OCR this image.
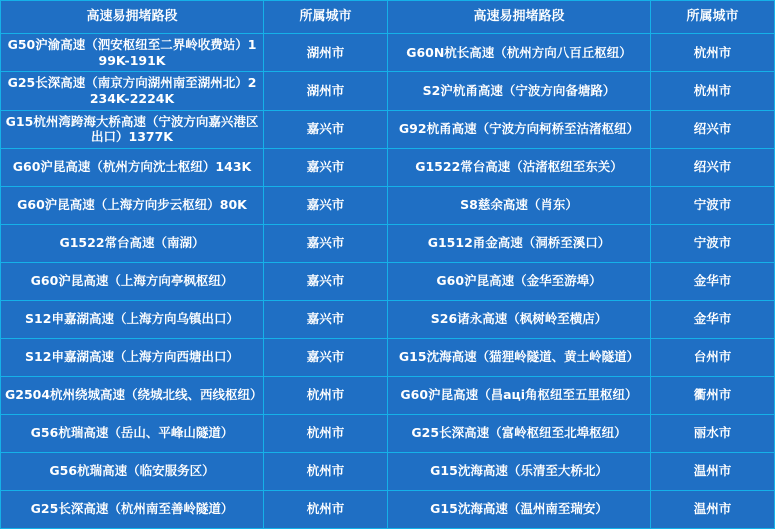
高速易拥堵路段	所属城市	高速易拥堵路段	所属城市
G50沪渝高速（泗安枢纽至二界岭收费站）199K-191K	湖州市	G60N杭长高速（杭州方向八百丘枢纽）	杭州市
G25长深高速（南京方向湖州南至湖州北）2234K-2224K	湖州市	S2沪杭甬高速（宁波方向备塘路）	杭州市
G15杭州湾跨海大桥高速（宁波方向嘉兴港区出口）1377K	嘉兴市	G92杭甬高速（宁波方向柯桥至沽渚枢纽）	绍兴市
G60沪昆高速（杭州方向沈士枢纽）143K	嘉兴市	G1522常台高速（沽渚枢纽至东关）	绍兴市
G60沪昆高速（上海方向步云枢纽）80K	嘉兴市	S8慈余高速（肖东）	宁波市
G1522常台高速（南湖）	嘉兴市	G1512甬金高速（洞桥至溪口）	宁波市
G60沪昆高速（上海方向亭枫枢纽）	嘉兴市	G60沪昆高速（金华至游埠）	金华市
S12申嘉湖高速（上海方向乌镇出口）	嘉兴市	S26诸永高速（枫树岭至横店）	金华市
S12申嘉湖高速（上海方向西塘出口）	嘉兴市	G15沈海高速（猫狸岭隧道、黄土岭隧道）	台州市
G2504杭州绕城高速（绕城北线、西线枢纽）	杭州市	G60沪昆高速（昌ацi角枢纽至五里枢纽）	衢州市
G56杭瑞高速（岳山、平峰山隧道）	杭州市	G25长深高速（富岭枢纽至北埠枢纽）	丽水市
G56杭瑞高速（临安服务区）	杭州市	G15沈海高速（乐清至大桥北）	温州市
G25长深高速（杭州南至善岭隧道）	杭州市	G15沈海高速（温州南至瑞安）	温州市
